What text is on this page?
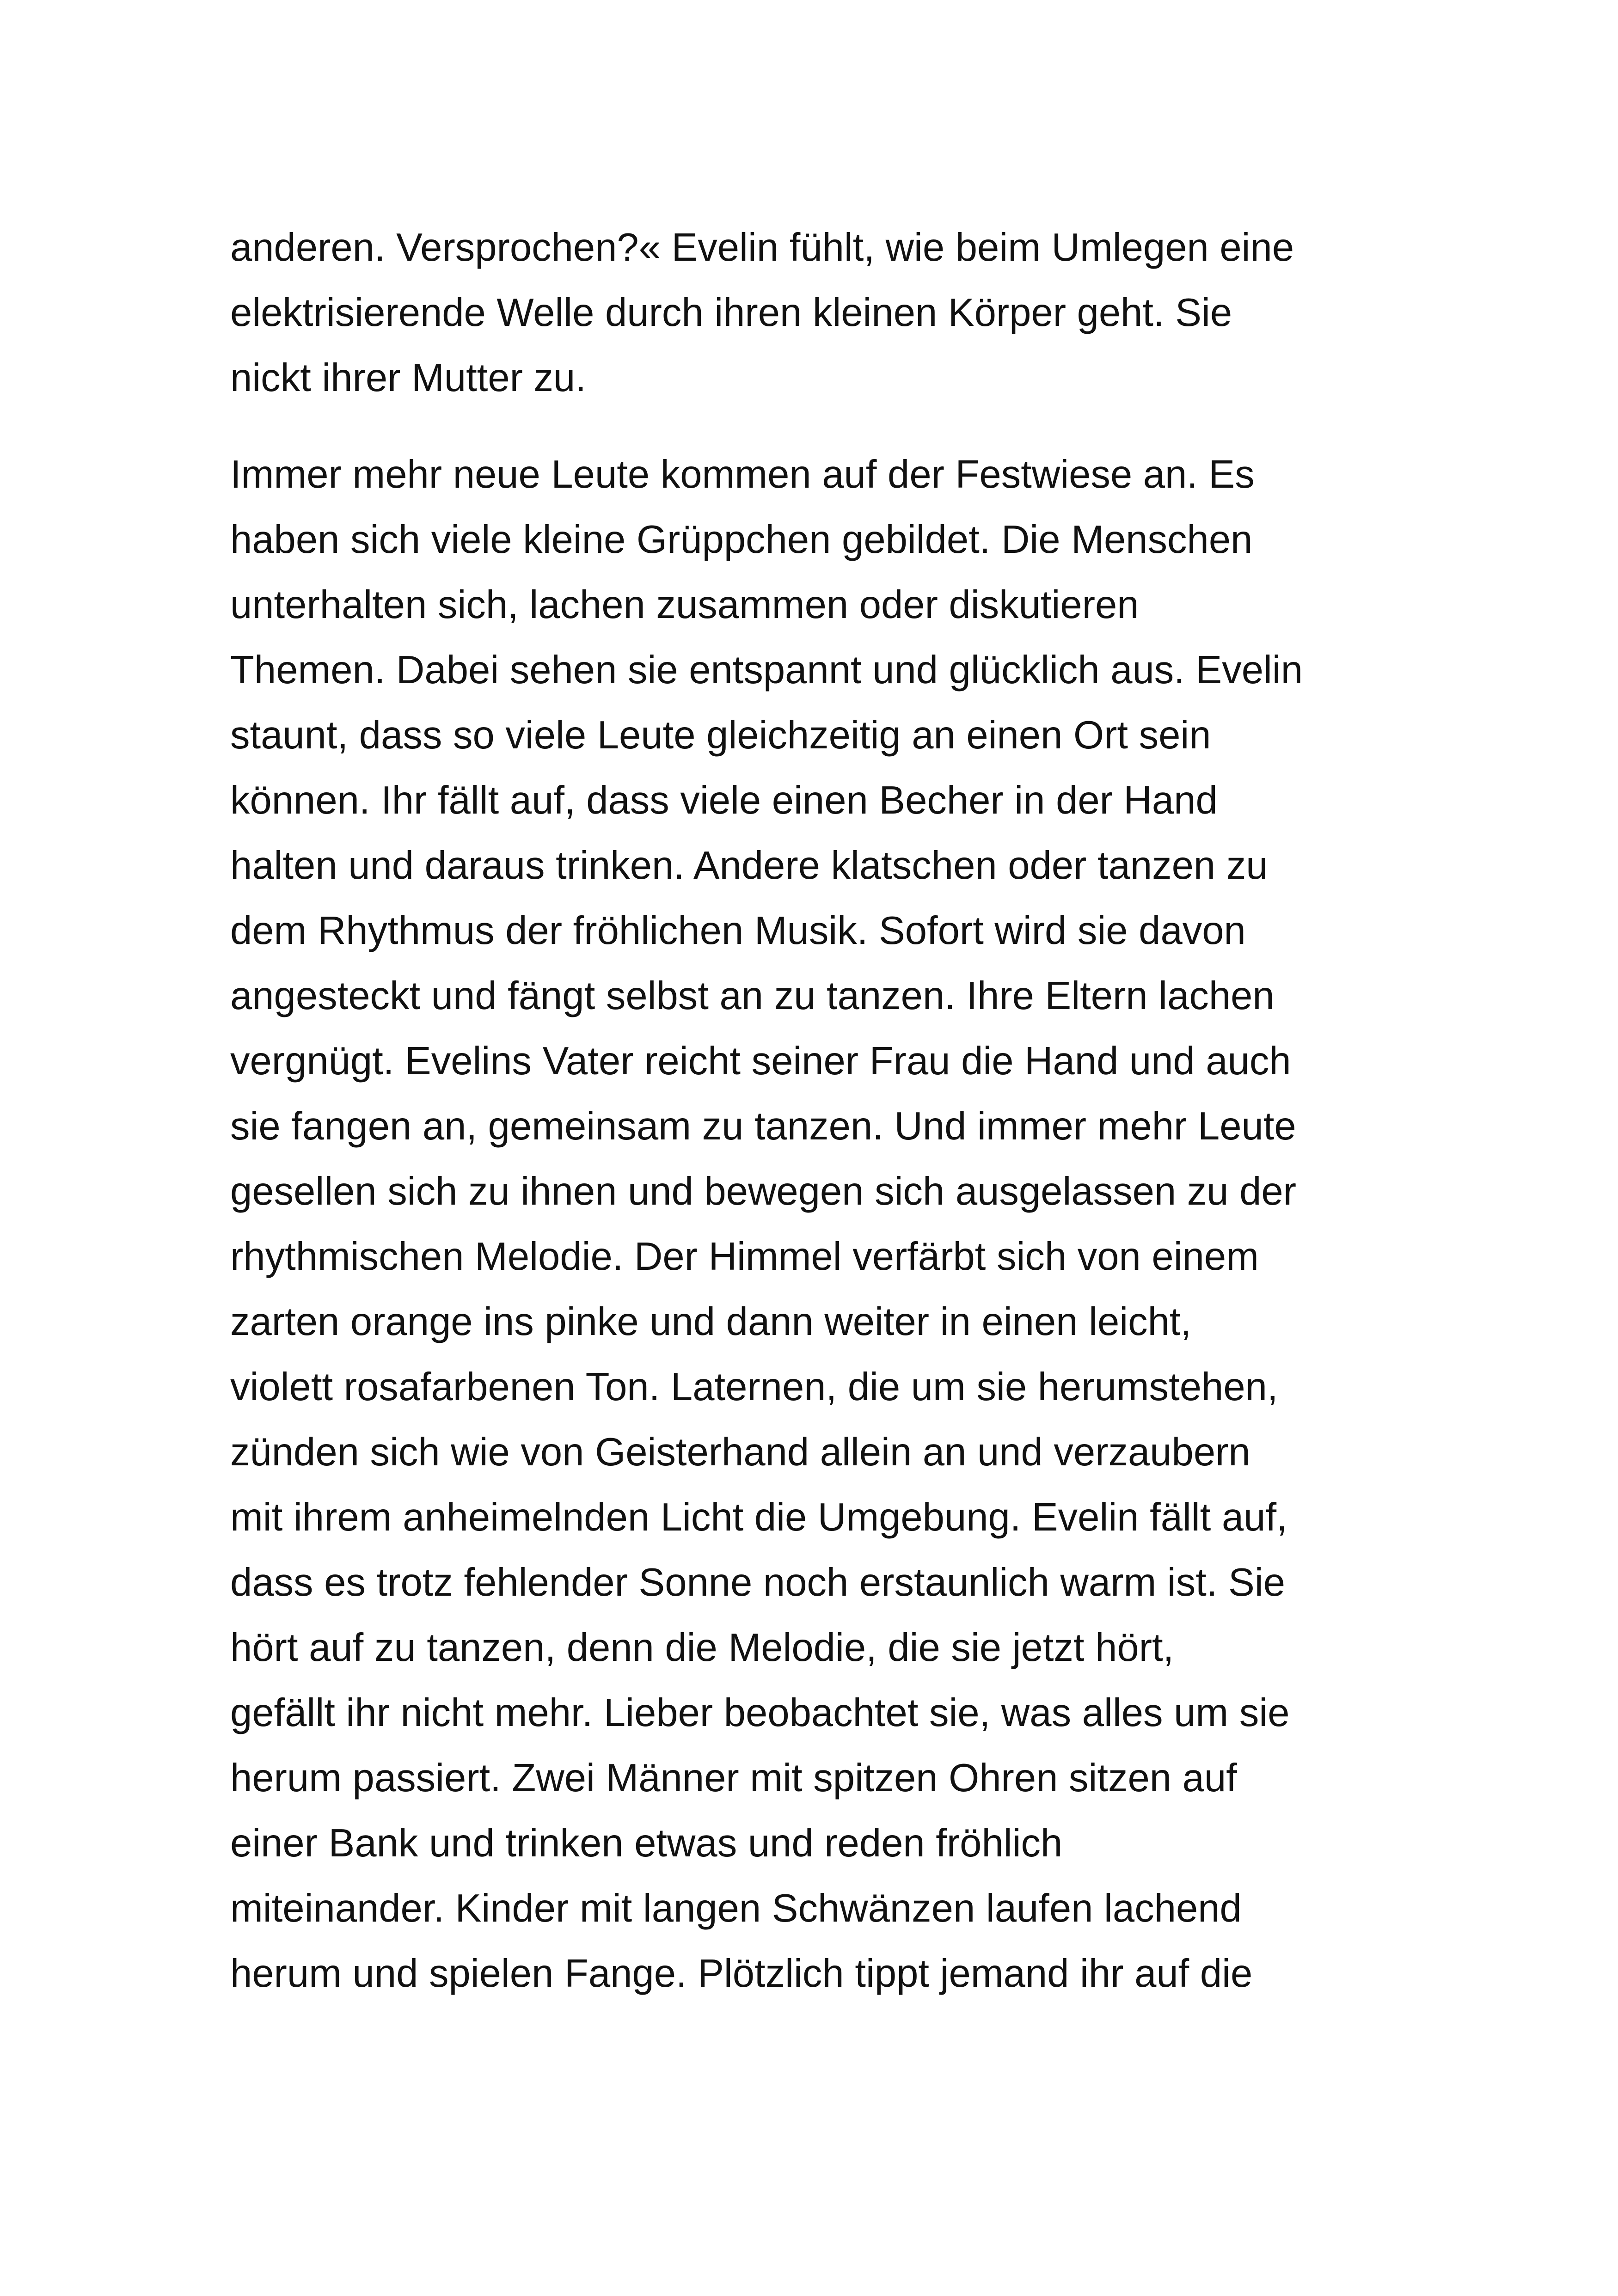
anderen. Versprochen?« Evelin fühlt, wie beim Umlegen eine
elektrisierende Welle durch ihren kleinen Körper geht. Sie
nickt ihrer Mutter zu.
Immer mehr neue Leute kommen auf der Festwiese an. Es
haben sich viele kleine Grüppchen gebildet. Die Menschen
unterhalten sich, lachen zusammen oder diskutieren
Themen. Dabei sehen sie entspannt und glücklich aus. Evelin
staunt, dass so viele Leute gleichzeitig an einen Ort sein
können. Ihr fällt auf, dass viele einen Becher in der Hand
halten und daraus trinken. Andere klatschen oder tanzen zu
dem Rhythmus der fröhlichen Musik. Sofort wird sie davon
angesteckt und fängt selbst an zu tanzen. Ihre Eltern lachen
vergnügt. Evelins Vater reicht seiner Frau die Hand und auch
sie fangen an, gemeinsam zu tanzen. Und immer mehr Leute
gesellen sich zu ihnen und bewegen sich ausgelassen zu der
rhythmischen Melodie. Der Himmel verfärbt sich von einem
zarten orange ins pinke und dann weiter in einen leicht,
violett rosafarbenen Ton. Laternen, die um sie herumstehen,
zünden sich wie von Geisterhand allein an und verzaubern
mit ihrem anheimelnden Licht die Umgebung. Evelin fällt auf,
dass es trotz fehlender Sonne noch erstaunlich warm ist. Sie
hört auf zu tanzen, denn die Melodie, die sie jetzt hört,
gefällt ihr nicht mehr. Lieber beobachtet sie, was alles um sie
herum passiert. Zwei Männer mit spitzen Ohren sitzen auf
einer Bank und trinken etwas und reden fröhlich
miteinander. Kinder mit langen Schwänzen laufen lachend
herum und spielen Fange. Plötzlich tippt jemand ihr auf die
